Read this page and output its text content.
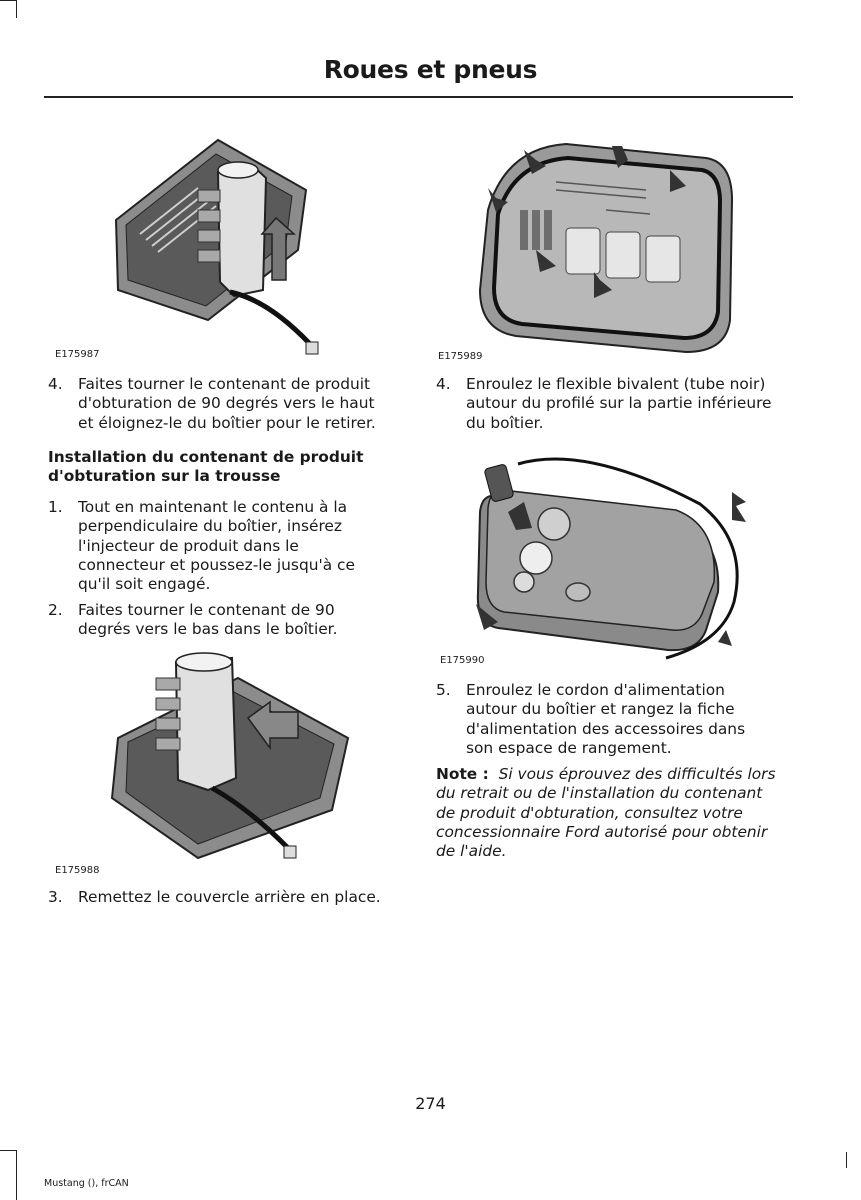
Roues et pneus
E175987
E175988
E175989
E175990
4. Faites tourner le contenant de produit
d'obturation de 90 degrés vers le haut
et éloignez-le du boîtier pour le retirer.
Installation du contenant de produit
d'obturation sur la trousse
1. Tout en maintenant le contenu à la
perpendiculaire du boîtier, insérez
l'injecteur de produit dans le
connecteur et poussez-le jusqu'à ce
qu'il soit engagé.
2. Faites tourner le contenant de 90
degrés vers le bas dans le boîtier.
3. Remettez le couvercle arrière en place.
4. Enroulez le flexible bivalent (tube noir)
autour du profilé sur la partie inférieure
du boîtier.
5. Enroulez le cordon d'alimentation
autour du boîtier et rangez la fiche
d'alimentation des accessoires dans
son espace de rangement.
Note : Si vous éprouvez des difficultés lors
du retrait ou de l'installation du contenant
de produit d'obturation, consultez votre
concessionnaire Ford autorisé pour obtenir
de l'aide.
274
Mustang (), frCAN
